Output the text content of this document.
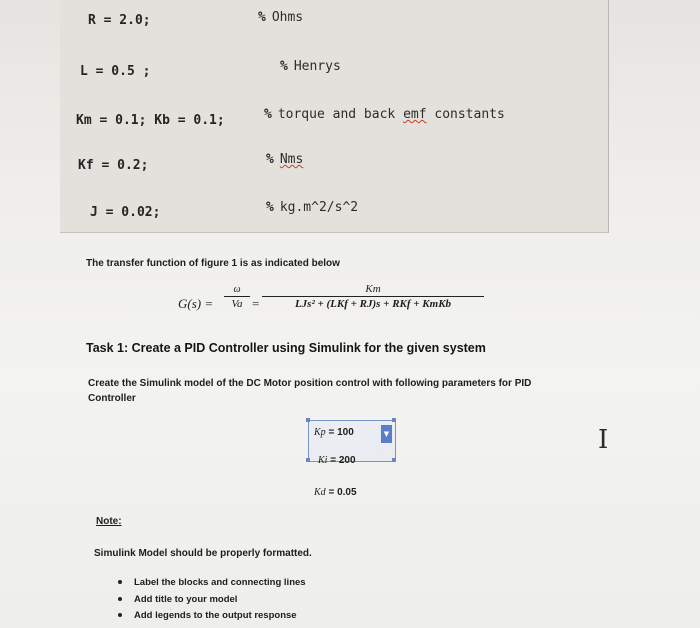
R = 2.0;	% Ohms
L = 0.5 ;	% Henrys
Km = 0.1; Kb = 0.1;	% torque and back emf constants
Kf = 0.2;	% Nms
J = 0.02;	% kg.m^2/s^2
The transfer function of figure 1 is as indicated below
G(s) =
ω
Va =
Km
LJs² + (LKf + RJ)s + RKf + KmKb
Task 1: Create a PID Controller using Simulink for the given system
Create the Simulink model of the DC Motor position control with following parameters for PID
Controller
▼
Kp = 100
Ki = 200
Kd = 0.05
I
Note:
Simulink Model should be properly formatted.
Label the blocks and connecting lines
Add title to your model
Add legends to the output response
